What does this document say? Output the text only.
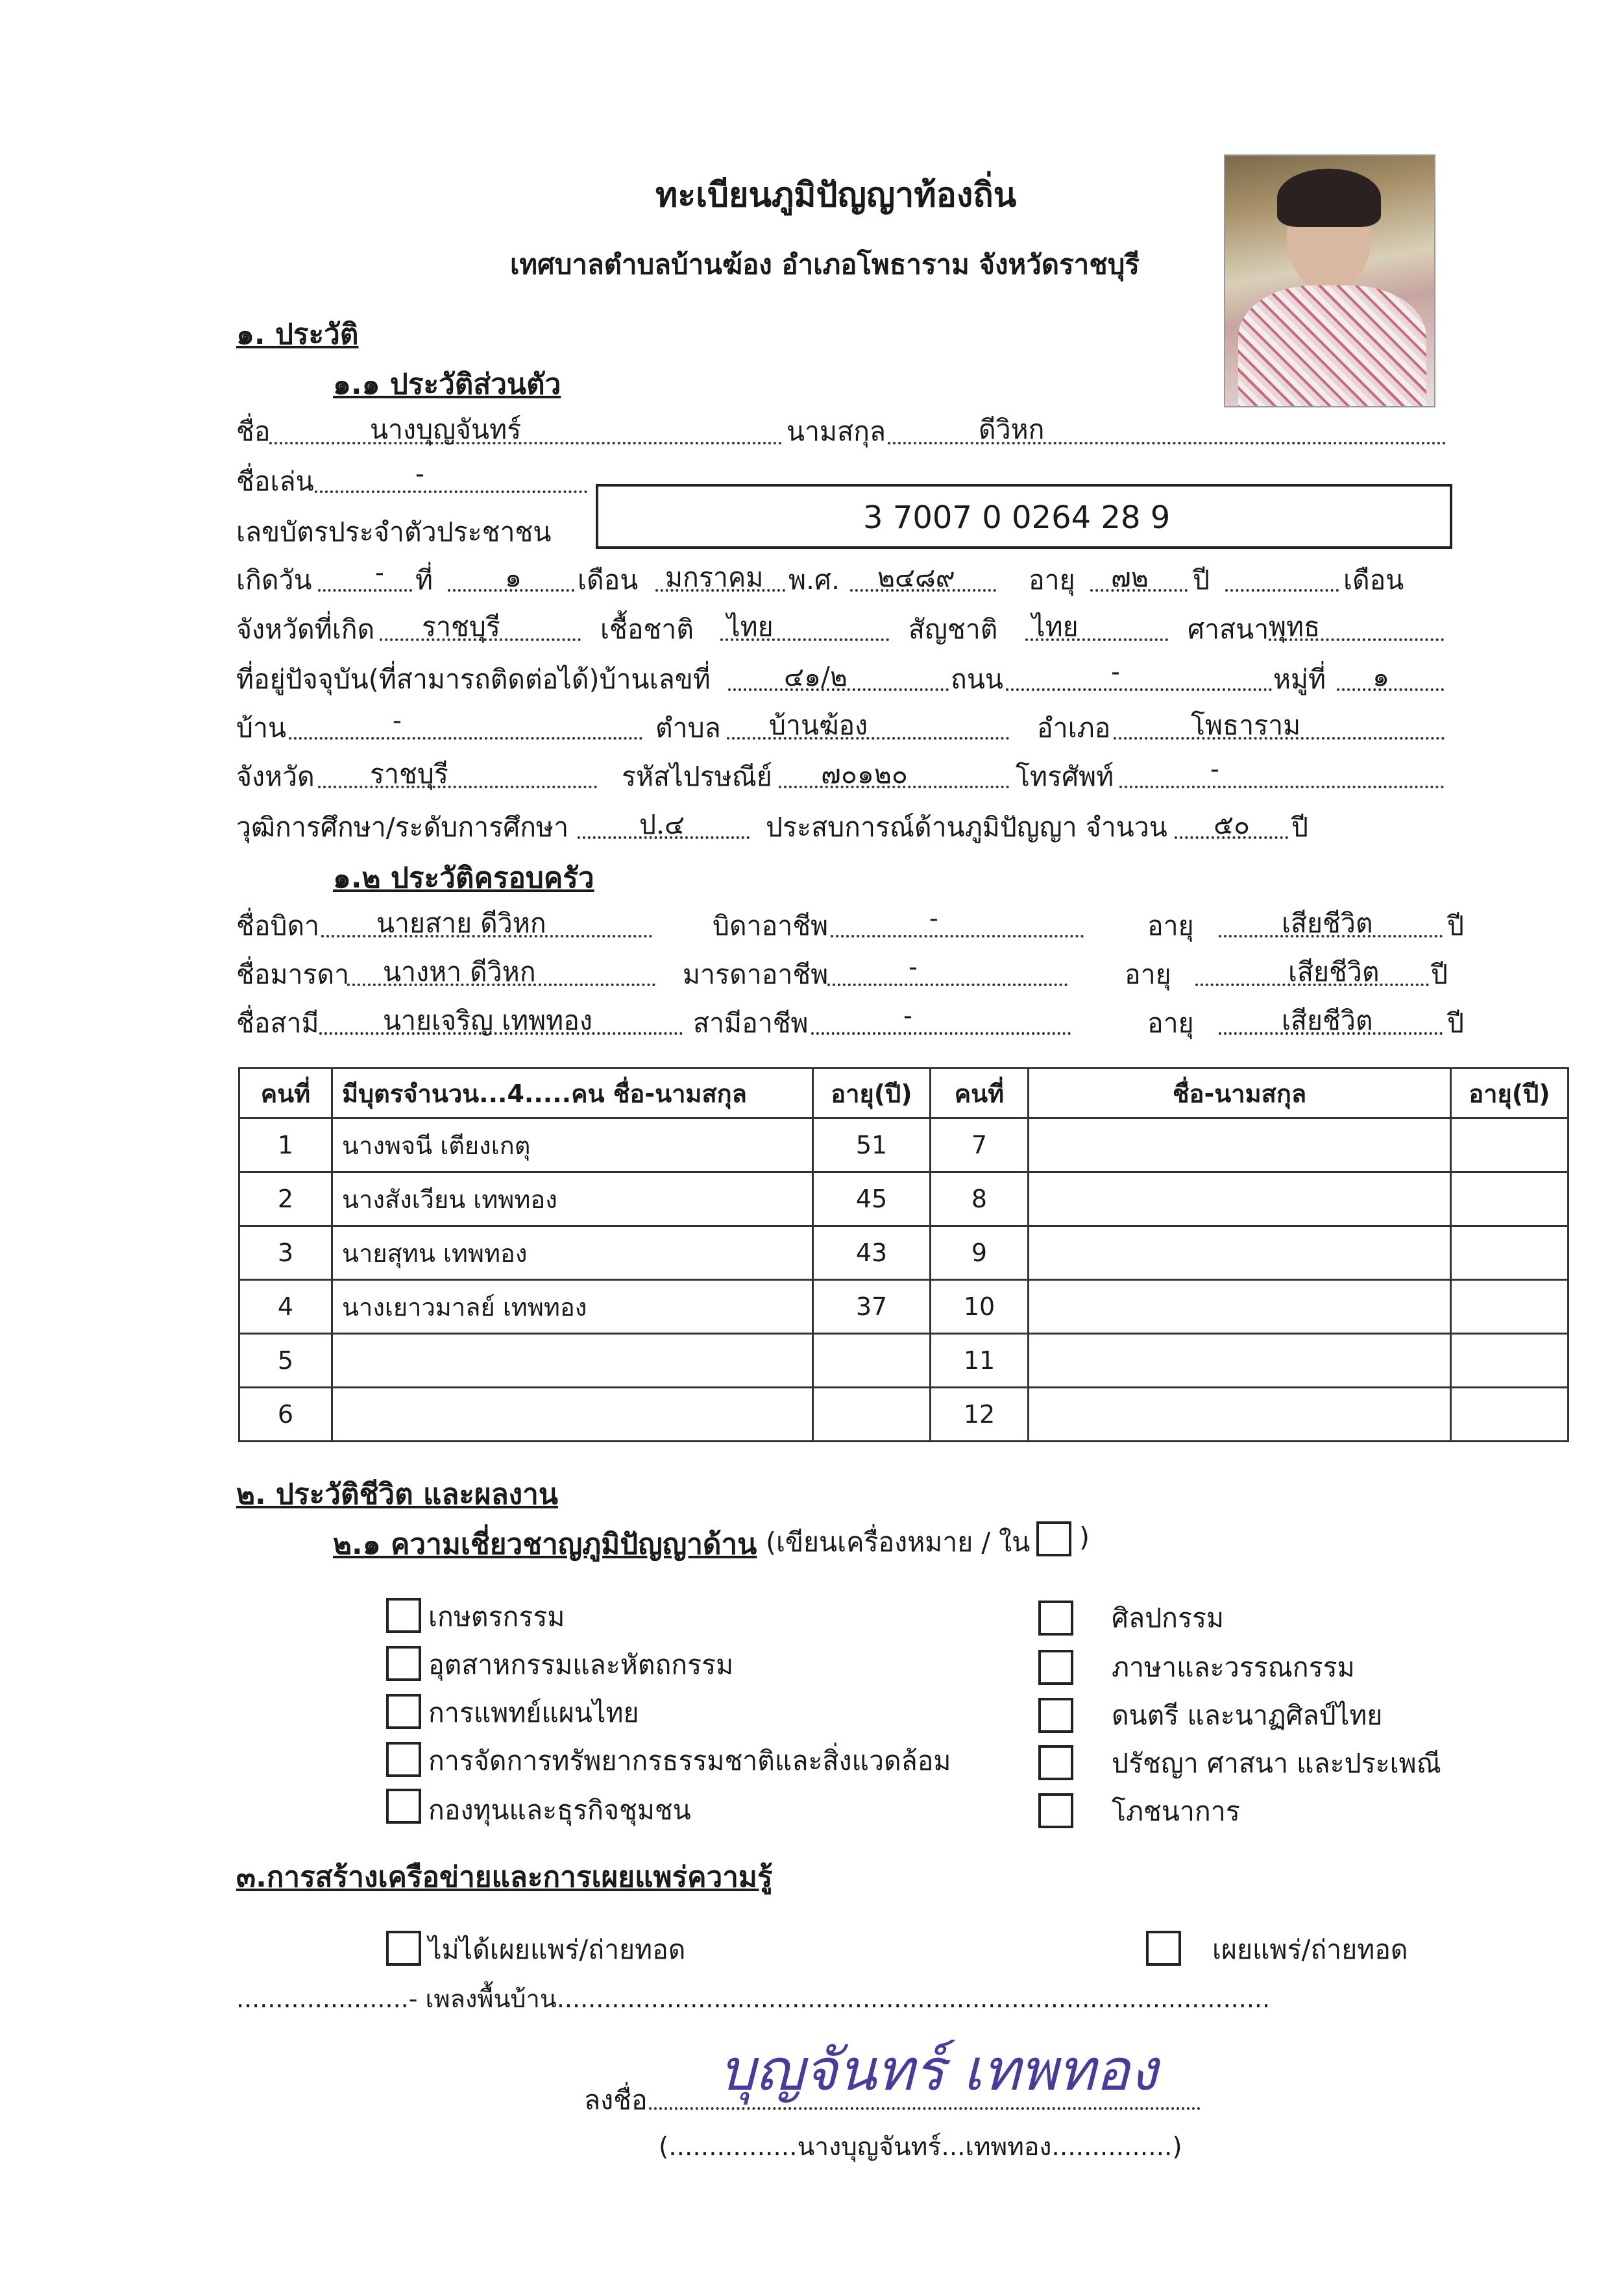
ทะเบียนภูมิปัญญาท้องถิ่น
เทศบาลตำบลบ้านฆ้อง อำเภอโพธาราม จังหวัดราชบุรี
๑. ประวัติ
๑.๑ ประวัติส่วนตัว
ชื่อ	นางบุญจันทร์	นามสกุล	ดีวิหก
ชื่อเล่น	-
เลขบัตรประจำตัวประชาชน	3 7007 0 0264 28 9
เกิดวัน - ที่	๑ เดือน มกราคม พ.ศ. ๒๔๘๙	อายุ ๗๒ ปี	เดือน
จังหวัดที่เกิด ราชบุรี	เชื้อชาติ ไทย	สัญชาติ ไทย	ศาสนา พุทธ
ที่อยู่ปัจจุบัน(ที่สามารถติดต่อได้)บ้านเลขที่	๔๑/๒	ถนน	-	หมู่ที่ ๑
บ้าน	-	ตำบล บ้านฆ้อง	อำเภอ	โพธาราม
จังหวัด ราชบุรี	รหัสไปรษณีย์ ๗๐๑๒๐	โทรศัพท์	-
วุฒิการศึกษา/ระดับการศึกษา	ป.๔	ประสบการณ์ด้านภูมิปัญญา จำนวน ๕๐ ปี
๑.๒ ประวัติครอบครัว
ชื่อบิดา นายสาย ดีวิหก	บิดาอาชีพ	-	อายุ	เสียชีวิต	ปี
ชื่อมารดา นางหา ดีวิหก	มารดาอาชีพ	-	อายุ	เสียชีวิต ปี
ชื่อสามี นายเจริญ เทพทอง	สามีอาชีพ	-	อายุ	เสียชีวิต	ปี
คนที่	มีบุตรจำนวน...4.....คน ชื่อ-นามสกุล	อายุ(ปี)	คนที่	ชื่อ-นามสกุล	อายุ(ปี)
1	นางพจนี เตียงเกตุ	51	7		
2	นางสังเวียน เทพทอง	45	8		
3	นายสุทน เทพทอง	43	9		
4	นางเยาวมาลย์ เทพทอง	37	10		
5			11		
6			12		
๒. ประวัติชีวิต และผลงาน
๒.๑ ความเชี่ยวชาญภูมิปัญญาด้าน (เขียนเครื่องหมาย / ใน )
เกษตรกรรม
อุตสาหกรรมและหัตถกรรม
การแพทย์แผนไทย
การจัดการทรัพยากรธรรมชาติและสิ่งแวดล้อม
กองทุนและธุรกิจชุมชน
ศิลปกรรม
ภาษาและวรรณกรรม
ดนตรี และนาฏศิลป์ไทย
ปรัชญา ศาสนา และประเพณี
โภชนาการ
๓.การสร้างเครือข่ายและการเผยแพร่ความรู้
ไม่ได้เผยแพร่/ถ่ายทอด	เผยแพร่/ถ่ายทอด
......................- เพลงพื้นบ้าน...........................................................................................
ลงชื่อ บุญจันทร์ เทพทอง
(................นางบุญจันทร์...เทพทอง...............)
